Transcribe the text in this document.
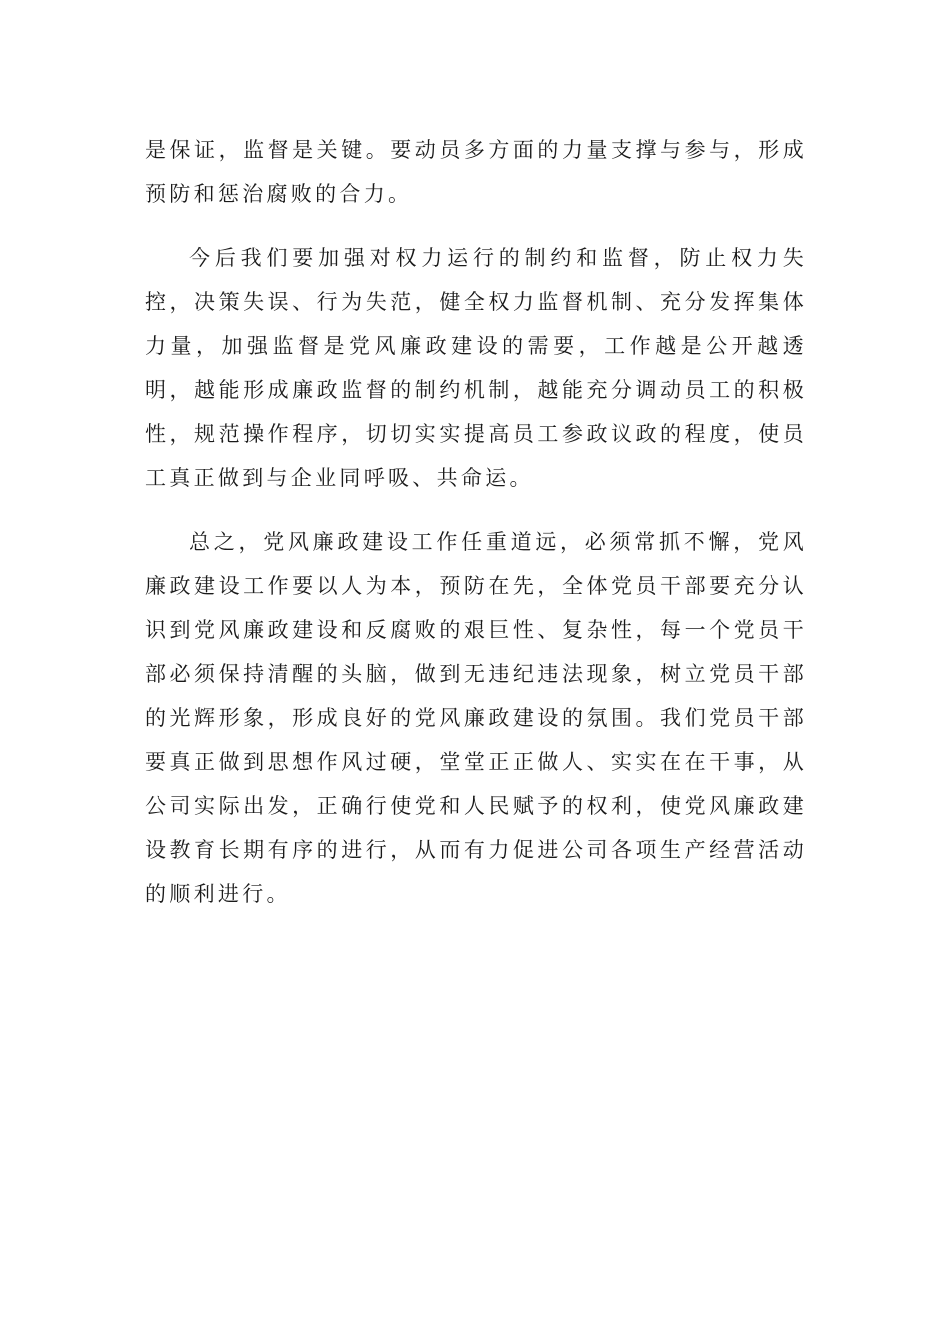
是保证，监督是关键。要动员多方面的力量支撑与参与，形成预防和惩治腐败的合力。

今后我们要加强对权力运行的制约和监督，防止权力失控，决策失误、行为失范，健全权力监督机制、充分发挥集体力量，加强监督是党风廉政建设的需要，工作越是公开越透明，越能形成廉政监督的制约机制，越能充分调动员工的积极性，规范操作程序，切切实实提高员工参政议政的程度，使员工真正做到与企业同呼吸、共命运。

总之，党风廉政建设工作任重道远，必须常抓不懈，党风廉政建设工作要以人为本，预防在先，全体党员干部要充分认识到党风廉政建设和反腐败的艰巨性、复杂性，每一个党员干部必须保持清醒的头脑，做到无违纪违法现象，树立党员干部的光辉形象，形成良好的党风廉政建设的氛围。我们党员干部要真正做到思想作风过硬，堂堂正正做人、实实在在干事，从公司实际出发，正确行使党和人民赋予的权利，使党风廉政建设教育长期有序的进行，从而有力促进公司各项生产经营活动的顺利进行。
